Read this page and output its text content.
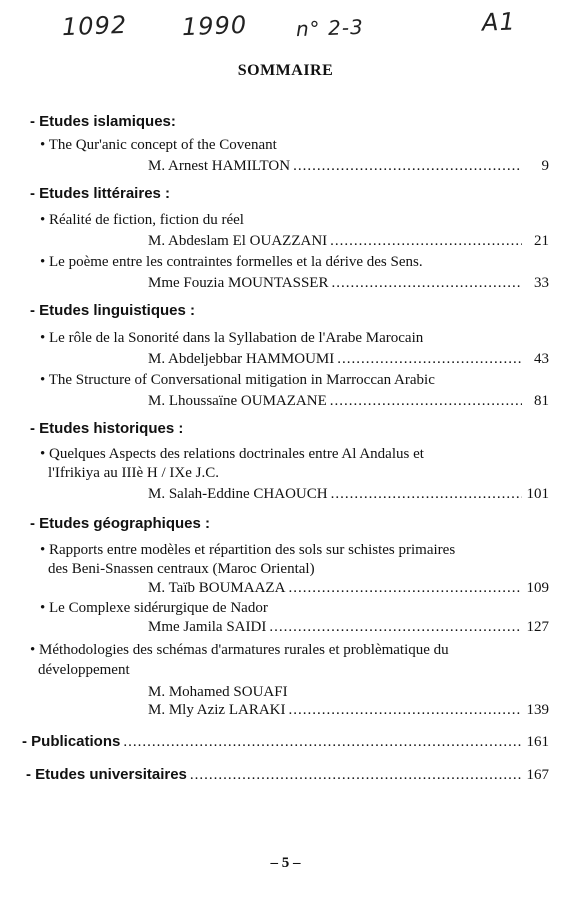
1092 1990 n° 2-3	A1
SOMMAIRE
- Etudes islamiques:
• The Qur'anic concept of the Covenant
M. Arnest HAMILTON .....	9
- Etudes littéraires :
• Réalité de fiction, fiction du réel
M. Abdeslam El OUAZZANI .....	21
• Le poème entre les contraintes formelles et la dérive des Sens.
Mme Fouzia MOUNTASSER .....	33
- Etudes linguistiques :
• Le rôle de la Sonorité dans la Syllabation de l'Arabe Marocain
M. Abdeljebbar HAMMOUMI .....	43
• The Structure of Conversational mitigation in Marroccan Arabic
M. Lhoussaïne OUMAZANE .....	81
- Etudes historiques :
• Quelques Aspects des relations doctrinales entre Al Andalus et
l'Ifrikiya au IIIè H / IXe J.C.
M. Salah-Eddine CHAOUCH .....	101
- Etudes géographiques :
• Rapports entre modèles et répartition des sols sur schistes primaires
des Beni-Snassen centraux (Maroc Oriental)
M. Taïb BOUMAAZA .....	109
• Le Complexe sidérurgique de Nador
Mme Jamila SAIDI .....	127
• Méthodologies des schémas d'armatures rurales et problèmatique du
développement
M. Mohamed SOUAFI
M. Mly Aziz LARAKI .....	139
- Publications .....	161
- Etudes universitaires .....	167
– 5 –
